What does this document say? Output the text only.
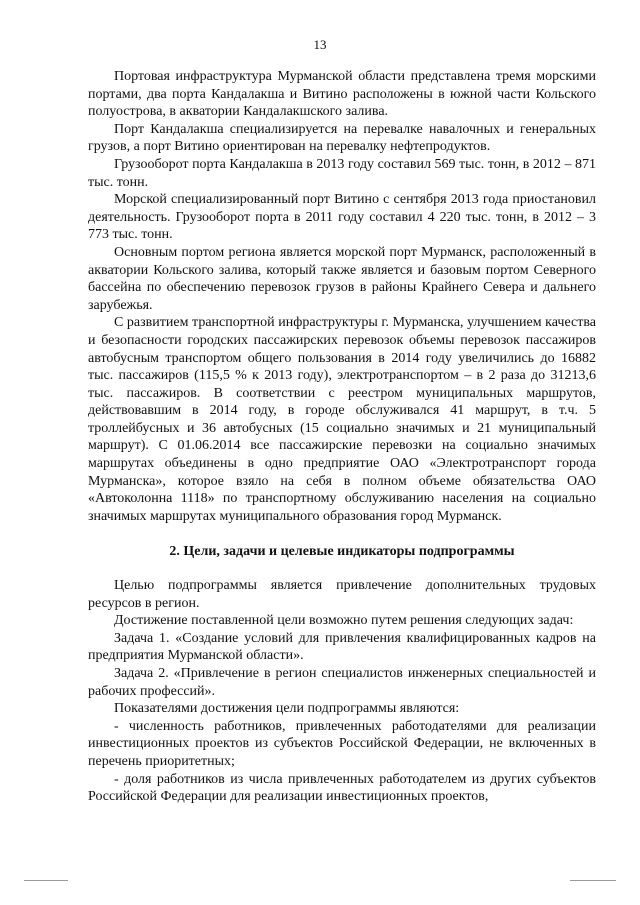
13

Портовая инфраструктура Мурманской области представлена тремя морскими портами, два порта Кандалакша и Витино расположены в южной части Кольского полуострова, в акватории Кандалакшского залива.

Порт Кандалакша специализируется на перевалке навалочных и генеральных грузов, а порт Витино ориентирован на перевалку нефтепродуктов.

Грузооборот порта Кандалакша в 2013 году составил 569 тыс. тонн, в 2012 – 871 тыс. тонн.

Морской специализированный порт Витино с сентября 2013 года приостановил деятельность. Грузооборот порта в 2011 году составил 4 220 тыс. тонн, в 2012 – 3 773 тыс. тонн.

Основным портом региона является морской порт Мурманск, расположенный в акватории Кольского залива, который также является и базовым портом Северного бассейна по обеспечению перевозок грузов в районы Крайнего Севера и дальнего зарубежья.

С развитием транспортной инфраструктуры г. Мурманска, улучшением качества и безопасности городских пассажирских перевозок объемы перевозок пассажиров автобусным транспортом общего пользования в 2014 году увеличились до 16882 тыс. пассажиров (115,5 % к 2013 году), электротранспортом – в 2 раза до 31213,6 тыс. пассажиров. В соответствии с реестром муниципальных маршрутов, действовавшим в 2014 году, в городе обслуживался 41 маршрут, в т.ч. 5 троллейбусных и 36 автобусных (15 социально значимых и 21 муниципальный маршрут). С 01.06.2014 все пассажирские перевозки на социально значимых маршрутах объединены в одно предприятие ОАО «Электротранспорт города Мурманска», которое взяло на себя в полном объеме обязательства ОАО «Автоколонна 1118» по транспортному обслуживанию населения на социально значимых маршрутах муниципального образования город Мурманск.

2. Цели, задачи и целевые индикаторы подпрограммы

Целью подпрограммы является привлечение дополнительных трудовых ресурсов в регион.

Достижение поставленной цели возможно путем решения следующих задач:

Задача 1. «Создание условий для привлечения квалифицированных кадров на предприятия Мурманской области».

Задача 2. «Привлечение в регион специалистов инженерных специальностей и рабочих профессий».

Показателями достижения цели подпрограммы являются:

- численность работников, привлеченных работодателями для реализации инвестиционных проектов из субъектов Российской Федерации, не включенных в перечень приоритетных;

- доля работников из числа привлеченных работодателем из других субъектов Российской Федерации для реализации инвестиционных проектов,
